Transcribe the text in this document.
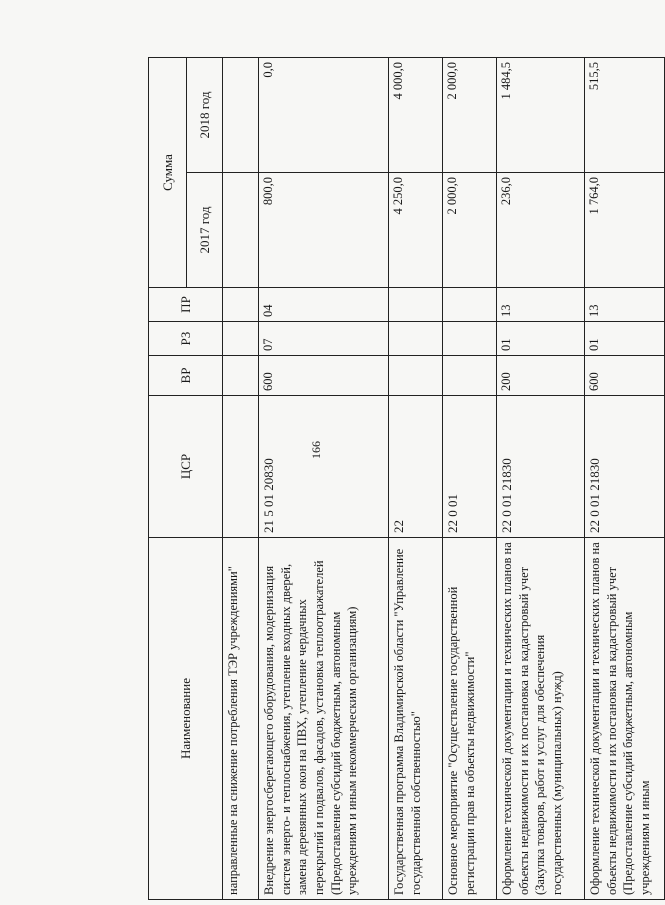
166
Наименование	ЦСР	ВР	РЗ	ПР	Сумма	
					2017 год	2018 год
направленные на снижение потребления ТЭР учреждениями"						
Внедрение энергосберегающего оборудования, модернизация систем энерго- и теплоснабжения, утепление входных дверей, замена деревянных окон на ПВХ, утепление чердачных перекрытий и подвалов, фасадов, установка теплоотражателей (Предоставление субсидий бюджетным, автономным учреждениям и иным некоммерческим организациям)	21 5 01 20830	600	07	04	800,0	0,0
Государственная программа Владимирской области "Управление государственной собственностью"	22				4 250,0	4 000,0
Основное мероприятие "Осуществление государственной регистрации прав на объекты недвижимости"	22 0 01				2 000,0	2 000,0
Оформление технической документации и технических планов на объекты недвижимости и их постановка на кадастровый учет (Закупка товаров, работ и услуг для обеспечения государственных (муниципальных) нужд)	22 0 01 21830	200	01	13	236,0	1 484,5
Оформление технической документации и технических планов на объекты недвижимости и их постановка на кадастровый учет (Предоставление субсидий бюджетным, автономным учреждениям и иным	22 0 01 21830	600	01	13	1 764,0	515,5
